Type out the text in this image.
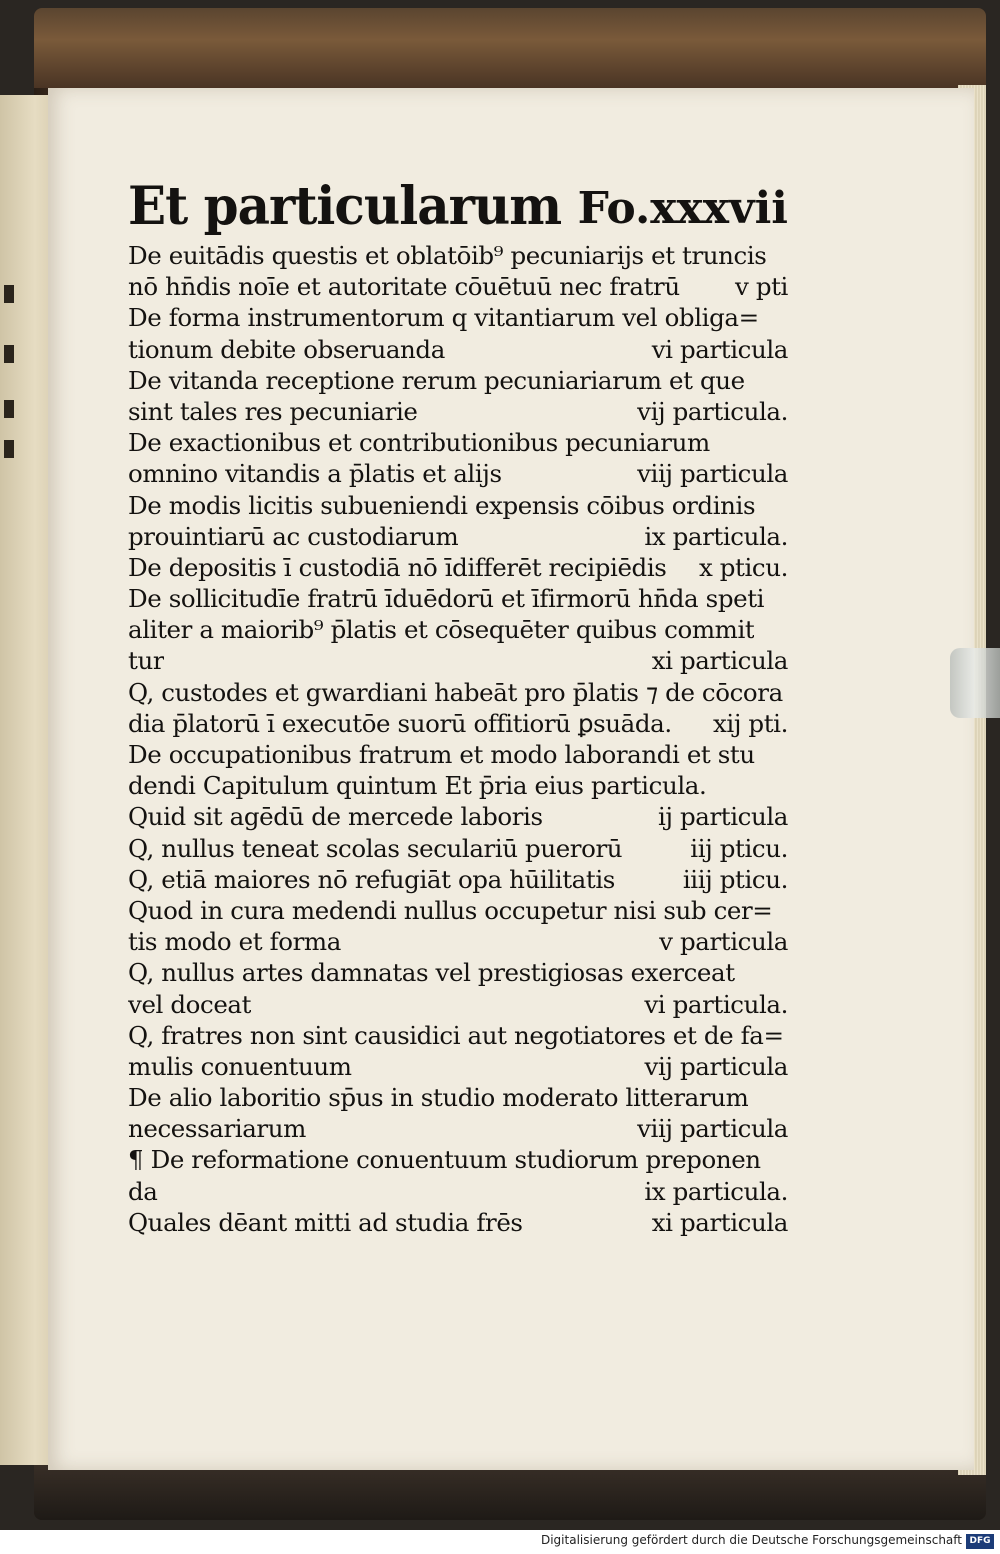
Et particularum Fo.xxxvii
De euitādis questis et oblatōib⁹ pecuniarijs et truncis
nō hn̄dis noīe et autoritate cōuētuū nec fratrū	v pti
De forma instrumentorum q vitantiarum vel obliga=
tionum debite obseruanda	vi particula
De vitanda receptione rerum pecuniariarum et que
sint tales res pecuniarie	vij particula.
De exactionibus et contributionibus pecuniarum
omnino vitandis a p̄latis et alijs	viij particula
De modis licitis subueniendi expensis cōibus ordinis
prouintiarū ac custodiarum	ix particula.
De depositis ī custodiā nō īdifferēt recipiēdis	x pticu.
De sollicitudīe fratrū īduēdorū et īfirmorū hn̄da speti
aliter a maiorib⁹ p̄latis et cōsequēter quibus commit
tur	xi particula
Q, custodes et gwardiani habeāt pro p̄latis ⁊ de cōcora
dia p̄latorū ī executōe suorū offitiorū ꝑsuāda.	xij pti.
De occupationibus fratrum et modo laborandi et stu
dendi Capitulum quintum Et p̄ria eius particula.
Quid sit agēdū de mercede laboris	ij particula
Q, nullus teneat scolas seculariū puerorū	iij pticu.
Q, etiā maiores nō refugiāt opa hūilitatis	iiij pticu.
Quod in cura medendi nullus occupetur nisi sub cer=
tis modo et forma	v particula
Q, nullus artes damnatas vel prestigiosas exerceat
vel doceat	vi particula.
Q, fratres non sint causidici aut negotiatores et de fa=
mulis conuentuum	vij particula
De alio laboritio sp̄us in studio moderato litterarum
necessariarum	viij particula
¶ De reformatione conuentuum studiorum preponen
da	ix particula.
Quales dēant mitti ad studia frēs	xi particula
Digitalisierung gefördert durch die Deutsche Forschungsgemeinschaft DFG
